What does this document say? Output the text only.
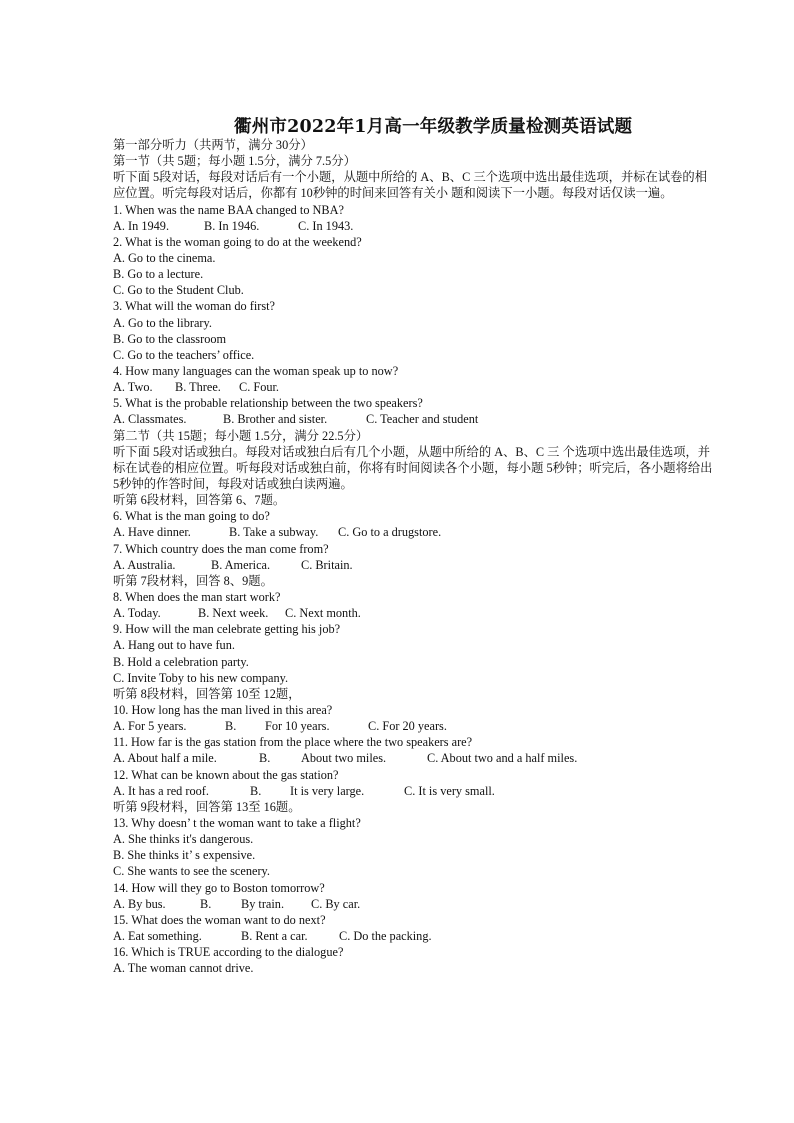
衢州市2022年1月高一年级教学质量检测英语试题
第一部分听力（共两节，满分 30分）
第一节（共 5题；每小题 1.5分，满分 7.5分）
听下面 5段对话，每段对话后有一个小题，从题中所给的 A、B、C 三个选项中选出最佳选项，并标在试卷的相应位置。听完每段对话后，你都有 10秒钟的时间来回答有关小 题和阅读下一小题。每段对话仅读一遍。
1. When was the name BAA changed to NBA?
A. In 1949.	B. In 1946.	C. In 1943.
2. What is the woman going to do at the weekend?
A. Go to the cinema.
B. Go to a lecture.
C. Go to the Student Club.
3. What will the woman do first?
A. Go to the library.
B. Go to the classroom
C. Go to the teachers’ office.
4. How many languages can the woman speak up to now?
A. Two. B. Three. C. Four.
5. What is the probable relationship between the two speakers?
A. Classmates.	B. Brother and sister.	C. Teacher and student
第二节（共 15题；每小题 1.5分，满分 22.5分）
听下面 5段对话或独白。每段对话或独白后有几个小题，从题中所给的 A、B、C 三 个选项中选出最佳选项，并标在试卷的相应位置。听每段对话或独白前，你将有时间阅读各个小题，每小题 5秒钟；听完后，各小题将给出 5秒钟的作答时间，每段对话或独白读两遍。
听第 6段材料，回答第 6、7题。
6. What is the man going to do?
A. Have dinner.	B. Take a subway. C. Go to a drugstore.
7. Which country does the man come from?
A. Australia.	B. America.	C. Britain.
听第 7段材料，回答 8、9题。
8. When does the man start work?
A. Today.	B. Next week. C. Next month.
9. How will the man celebrate getting his job?
A. Hang out to have fun.
B. Hold a celebration party.
C. Invite Toby to his new company.
听第 8段材料，回答第 10至 12题，
10. How long has the man lived in this area?
A. For 5 years.	B. For 10 years.	C. For 20 years.
11. How far is the gas station from the place where the two speakers are?
A. About half a mile.	B. About two miles.	C. About two and a half miles.
12. What can be known about the gas station?
A. It has a red roof.	B. It is very large.	C. It is very small.
听第 9段材料，回答第 13至 16题。
13. Why doesn’ t the woman want to take a flight?
A. She thinks it's dangerous.
B. She thinks it’ s expensive.
C. She wants to see the scenery.
14. How will they go to Boston tomorrow?
A. By bus.	B. By train. C. By car.
15. What does the woman want to do next?
A. Eat something.	B. Rent a car.	C. Do the packing.
16. Which is TRUE according to the dialogue?
A. The woman cannot drive.
